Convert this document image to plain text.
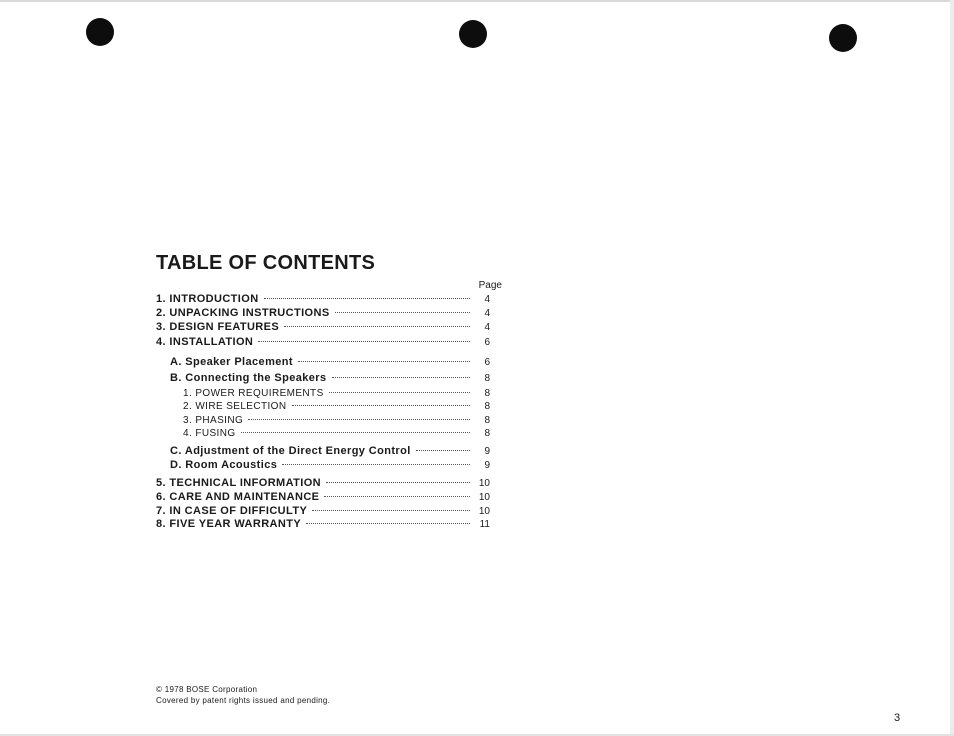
TABLE OF CONTENTS
Page
1. INTRODUCTION	4
2. UNPACKING INSTRUCTIONS	4
3. DESIGN FEATURES	4
4. INSTALLATION	6
A. Speaker Placement	6
B. Connecting the Speakers	8
1. POWER REQUIREMENTS	8
2. WIRE SELECTION	8
3. PHASING	8
4. FUSING	8
C. Adjustment of the Direct Energy Control	9
D. Room Acoustics	9
5. TECHNICAL INFORMATION	10
6. CARE AND MAINTENANCE	10
7. IN CASE OF DIFFICULTY	10
8. FIVE YEAR WARRANTY	11
© 1978 BOSE Corporation
Covered by patent rights issued and pending.
3
